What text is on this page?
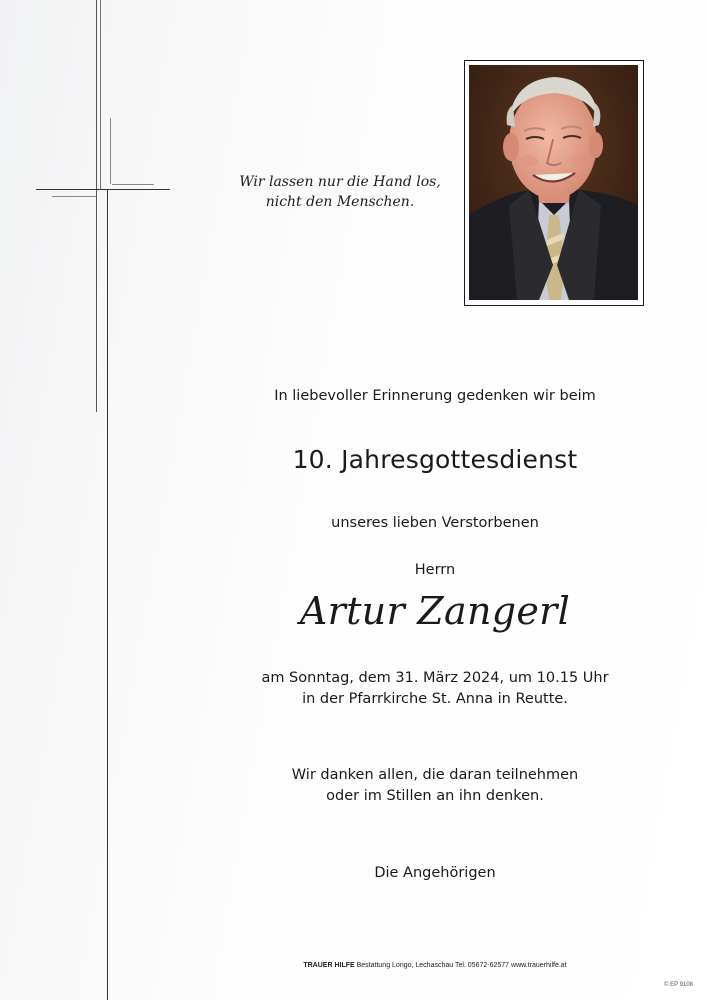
Wir lassen nur die Hand los,
nicht den Menschen.
In liebevoller Erinnerung gedenken wir beim
10. Jahresgottesdienst
unseres lieben Verstorbenen
Herrn
Artur Zangerl
am Sonntag, dem 31. März 2024, um 10.15 Uhr
in der Pfarrkirche St. Anna in Reutte.
Wir danken allen, die daran teilnehmen
oder im Stillen an ihn denken.
Die Angehörigen
TRAUER HILFE Bestattung Longo, Lechaschau Tel. 05672-62577 www.trauerhilfe.at
© EP 9108
